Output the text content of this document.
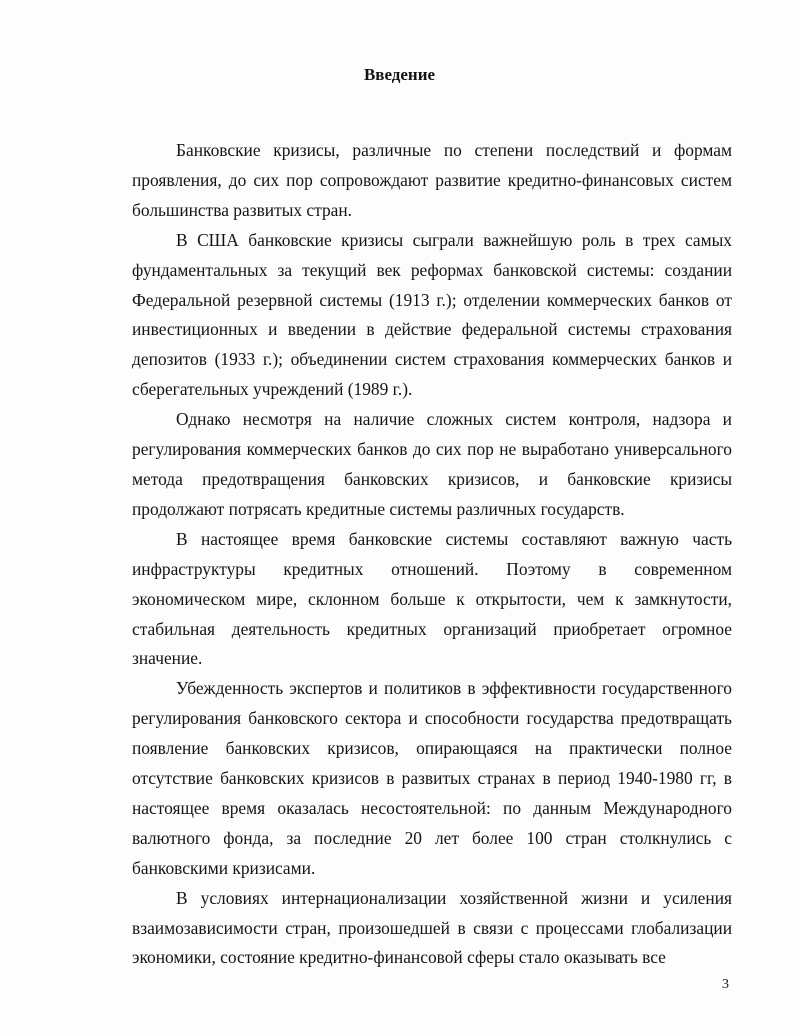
Введение

Банковские кризисы, различные по степени последствий и формам проявления, до сих пор сопровождают развитие кредитно-финансовых систем большинства развитых стран.

В США банковские кризисы сыграли важнейшую роль в трех самых фундаментальных за текущий век реформах банковской системы: создании Федеральной резервной системы (1913 г.); отделении коммерческих банков от инвестиционных и введении в действие федеральной системы страхования депозитов (1933 г.); объединении систем страхования коммерческих банков и сберегательных учреждений (1989 г.).

Однако несмотря на наличие сложных систем контроля, надзора и регулирования коммерческих банков до сих пор не выработано универсального метода предотвращения банковских кризисов, и банковские кризисы продолжают потрясать кредитные системы различных государств.

В настоящее время банковские системы составляют важную часть инфраструктуры кредитных отношений. Поэтому в современном экономическом мире, склонном больше к открытости, чем к замкнутости, стабильная деятельность кредитных организаций приобретает огромное значение.

Убежденность экспертов и политиков в эффективности государственного регулирования банковского сектора и способности государства предотвращать появление банковских кризисов, опирающаяся на практически полное отсутствие банковских кризисов в развитых странах в период 1940-1980 гг, в настоящее время оказалась несостоятельной: по данным Международного валютного фонда, за последние 20 лет более 100 стран столкнулись с банковскими кризисами.

В условиях интернационализации хозяйственной жизни и усиления взаимозависимости стран, произошедшей в связи с процессами глобализации экономики, состояние кредитно-финансовой сферы стало оказывать все

3
